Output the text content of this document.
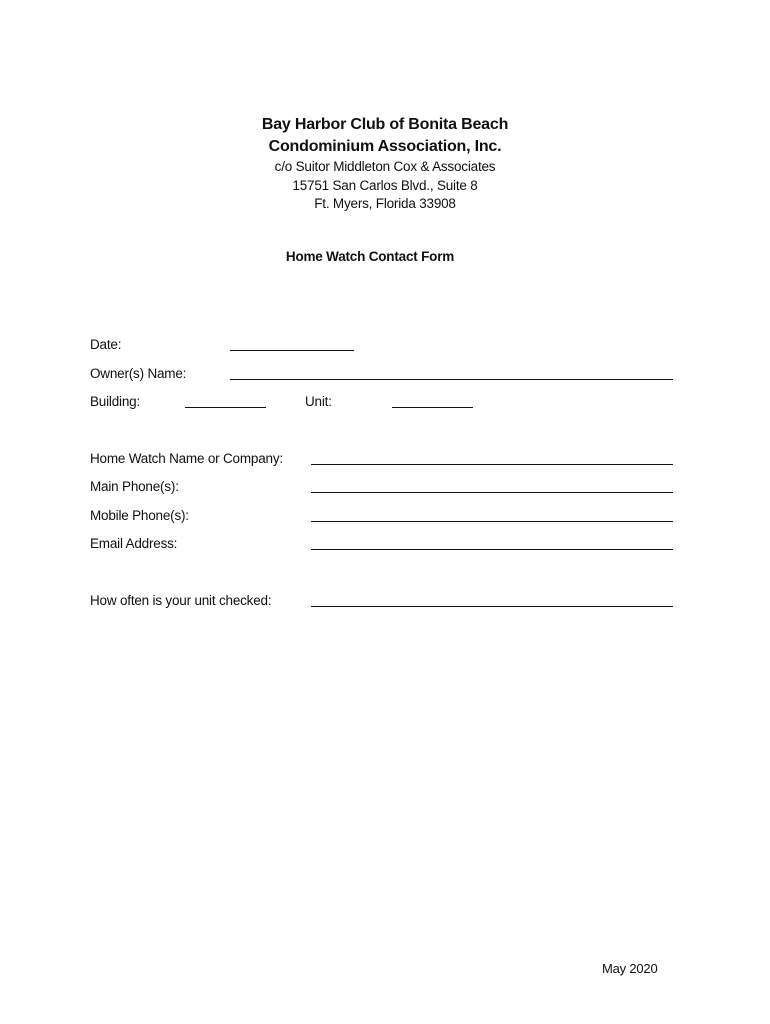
Bay Harbor Club of Bonita Beach
Condominium Association, Inc.
c/o Suitor Middleton Cox & Associates
15751 San Carlos Blvd., Suite 8
Ft. Myers, Florida 33908
Home Watch Contact Form
Date:
Owner(s) Name:
Building:	Unit:
Home Watch Name or Company:
Main Phone(s):
Mobile Phone(s):
Email Address:
How often is your unit checked:
May 2020
